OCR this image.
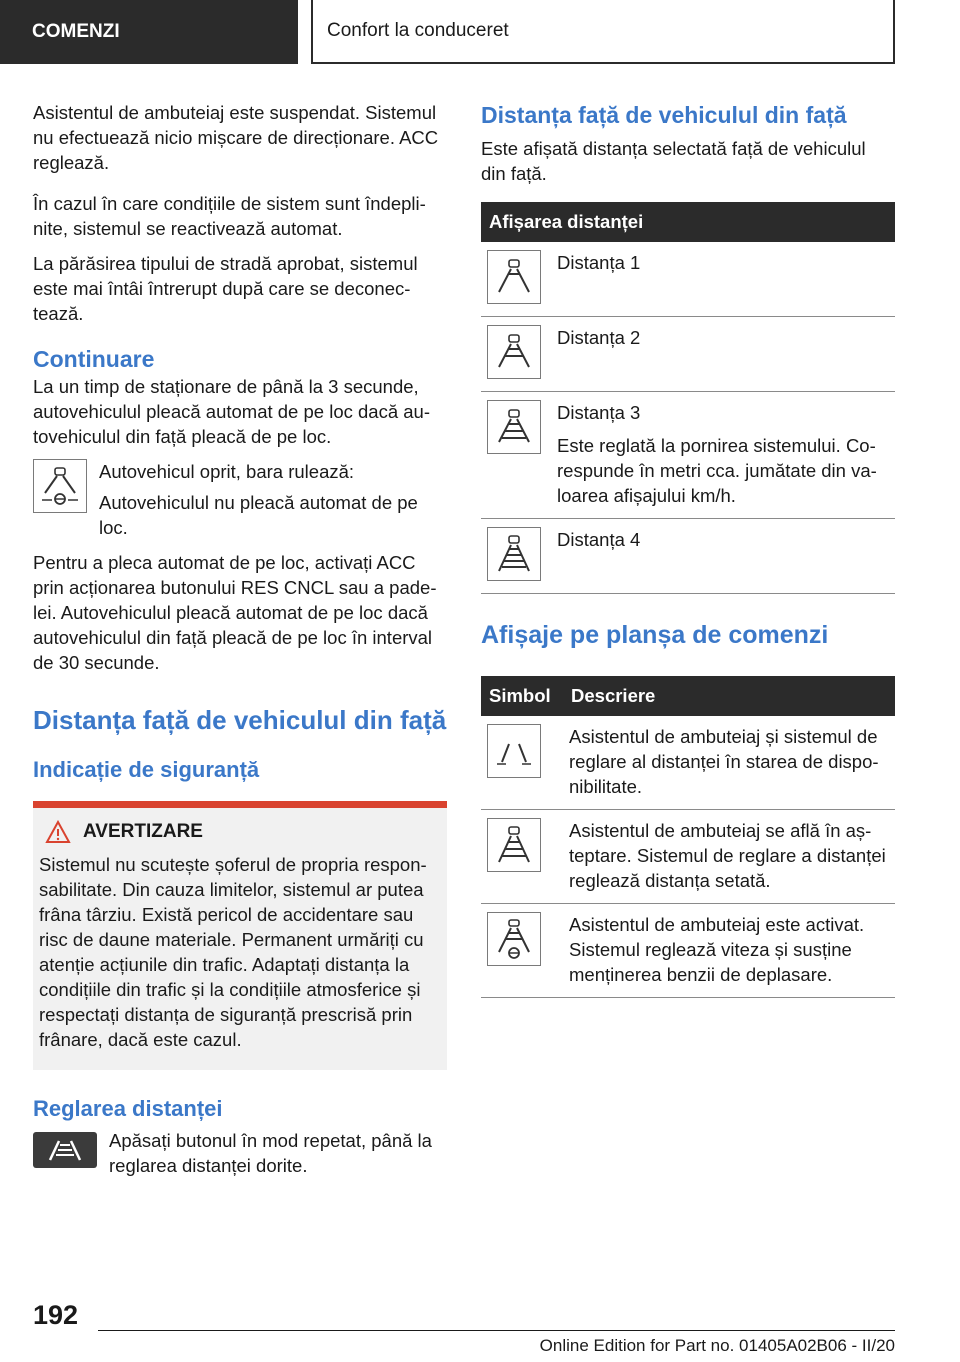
COMENZI	Confort la conduceret

Asistentul de ambuteiaj este suspendat. Sistemul nu efectuează nicio mișcare de direcționare. ACC reglează.

În cazul în care condițiile de sistem sunt îndeplinite, sistemul se reactivează automat.

La părăsirea tipului de stradă aprobat, sistemul este mai întâi întrerupt după care se deconectează.

Continuare

La un timp de staționare de până la 3 secunde, autovehiculul pleacă automat de pe loc dacă autovehiculul din față pleacă de pe loc.

Autovehicul oprit, bara rulează:

Autovehiculul nu pleacă automat de pe loc.

Pentru a pleca automat de pe loc, activați ACC prin acționarea butonului RES CNCL sau a padelei. Autovehiculul pleacă automat de pe loc dacă autovehiculul din față pleacă de pe loc în interval de 30 secunde.

Distanța față de vehiculul din față
Indicație de siguranță
AVERTIZARE

Sistemul nu scutește șoferul de propria responsabilitate. Din cauza limitelor, sistemul ar putea frâna târziu. Există pericol de accidentare sau risc de daune materiale. Permanent urmăriți cu atenție acțiunile din trafic. Adaptați distanța la condițiile din trafic și la condițiile atmosferice și respectați distanța de siguranță prescrisă prin frânare, dacă este cazul.

Reglarea distanței

Apăsați butonul în mod repetat, până la reglarea distanței dorite.

Distanța față de vehiculul din față

Este afișată distanța selectată față de vehiculul din față.

Afișarea distanței	

	Distanța 1

	Distanța 2

Distanța 3

Este reglată la pornirea sistemului. Corespunde în metri cca. jumătate din valoarea afișajului km/h.

	Distanța 4
Afișaje pe planșa de comenzi
Simbol	Descriere

	Asistentul de ambuteiaj și sistemul de reglare al distanței în starea de disponibilitate.

	Asistentul de ambuteiaj se află în așteptare. Sistemul de reglare a distanței reglează distanța setată.

	Asistentul de ambuteiaj este activat. Sistemul reglează viteza și susține menținerea benzii de deplasare.
192
Online Edition for Part no. 01405A02B06 - II/20
